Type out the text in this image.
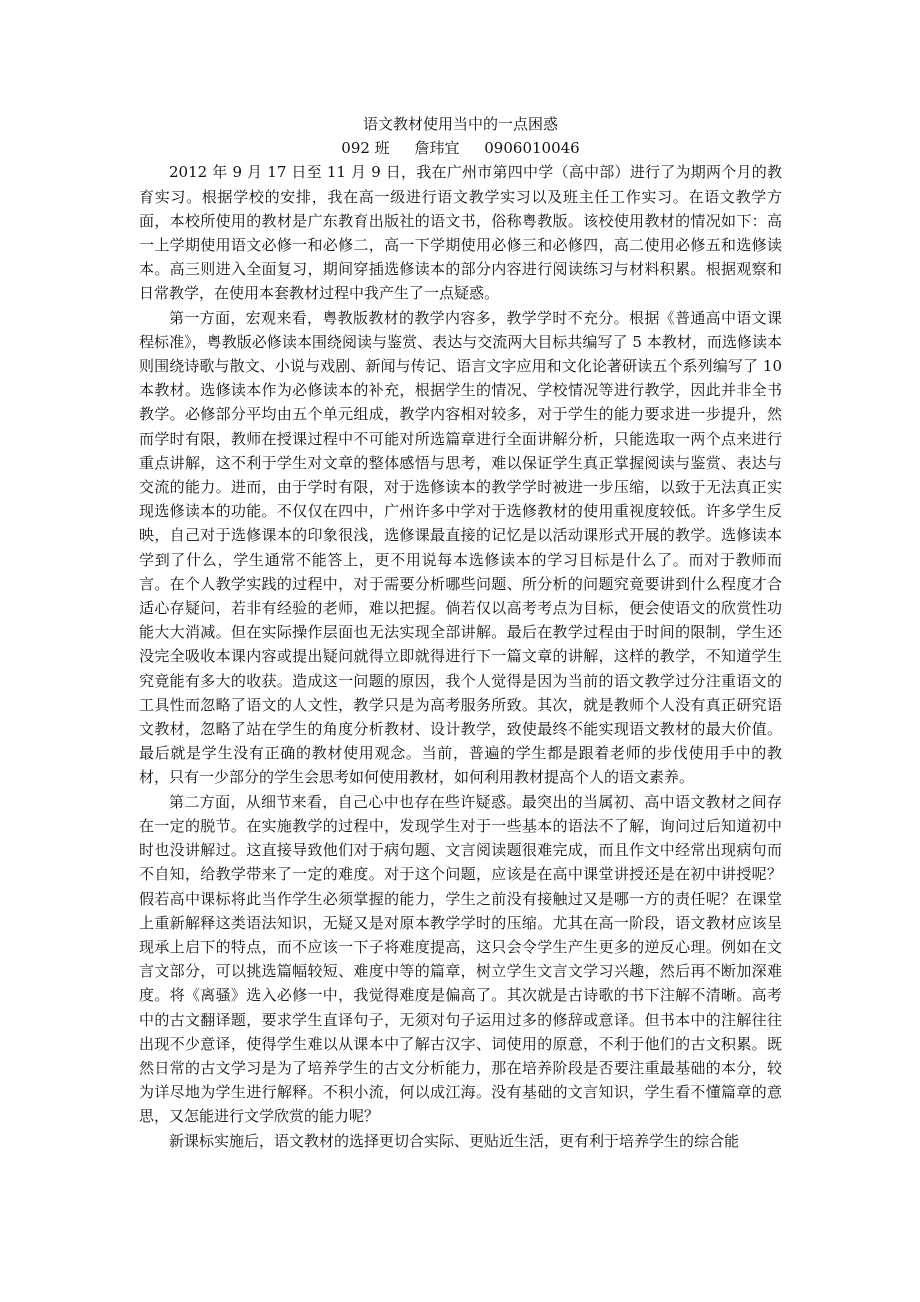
语文教材使用当中的一点困惑

092 班 詹玮宜 0906010046

2012 年 9 月 17 日至 11 月 9 日，我在广州市第四中学（高中部）进行了为期两个月的教育实习。根据学校的安排，我在高一级进行语文教学实习以及班主任工作实习。在语文教学方面，本校所使用的教材是广东教育出版社的语文书，俗称粤教版。该校使用教材的情况如下：高一上学期使用语文必修一和必修二，高一下学期使用必修三和必修四，高二使用必修五和选修读本。高三则进入全面复习，期间穿插选修读本的部分内容进行阅读练习与材料积累。根据观察和日常教学，在使用本套教材过程中我产生了一点疑惑。

第一方面，宏观来看，粤教版教材的教学内容多，教学学时不充分。根据《普通高中语文课程标准》，粤教版必修读本围绕阅读与鉴赏、表达与交流两大目标共编写了 5 本教材，而选修读本则围绕诗歌与散文、小说与戏剧、新闻与传记、语言文字应用和文化论著研读五个系列编写了 10 本教材。选修读本作为必修读本的补充，根据学生的情况、学校情况等进行教学，因此并非全书教学。必修部分平均由五个单元组成，教学内容相对较多，对于学生的能力要求进一步提升，然而学时有限，教师在授课过程中不可能对所选篇章进行全面讲解分析，只能选取一两个点来进行重点讲解，这不利于学生对文章的整体感悟与思考，难以保证学生真正掌握阅读与鉴赏、表达与交流的能力。进而，由于学时有限，对于选修读本的教学学时被进一步压缩，以致于无法真正实现选修读本的功能。不仅仅在四中，广州许多中学对于选修教材的使用重视度较低。许多学生反映，自己对于选修课本的印象很浅，选修课最直接的记忆是以活动课形式开展的教学。选修读本学到了什么，学生通常不能答上，更不用说每本选修读本的学习目标是什么了。而对于教师而言。在个人教学实践的过程中，对于需要分析哪些问题、所分析的问题究竟要讲到什么程度才合适心存疑问，若非有经验的老师，难以把握。倘若仅以高考考点为目标，便会使语文的欣赏性功能大大消减。但在实际操作层面也无法实现全部讲解。最后在教学过程由于时间的限制，学生还没完全吸收本课内容或提出疑问就得立即就得进行下一篇文章的讲解，这样的教学，不知道学生究竟能有多大的收获。造成这一问题的原因，我个人觉得是因为当前的语文教学过分注重语文的工具性而忽略了语文的人文性，教学只是为高考服务所致。其次，就是教师个人没有真正研究语文教材，忽略了站在学生的角度分析教材、设计教学，致使最终不能实现语文教材的最大价值。最后就是学生没有正确的教材使用观念。当前，普遍的学生都是跟着老师的步伐使用手中的教材，只有一少部分的学生会思考如何使用教材，如何利用教材提高个人的语文素养。

第二方面，从细节来看，自己心中也存在些许疑惑。最突出的当属初、高中语文教材之间存在一定的脱节。在实施教学的过程中，发现学生对于一些基本的语法不了解，询问过后知道初中时也没讲解过。这直接导致他们对于病句题、文言阅读题很难完成，而且作文中经常出现病句而不自知，给教学带来了一定的难度。对于这个问题，应该是在高中课堂讲授还是在初中讲授呢？假若高中课标将此当作学生必须掌握的能力，学生之前没有接触过又是哪一方的责任呢？在课堂上重新解释这类语法知识，无疑又是对原本教学学时的压缩。尤其在高一阶段，语文教材应该呈现承上启下的特点，而不应该一下子将难度提高，这只会令学生产生更多的逆反心理。例如在文言文部分，可以挑选篇幅较短、难度中等的篇章，树立学生文言文学习兴趣，然后再不断加深难度。将《离骚》选入必修一中，我觉得难度是偏高了。其次就是古诗歌的书下注解不清晰。高考中的古文翻译题，要求学生直译句子，无须对句子运用过多的修辞或意译。但书本中的注解往往出现不少意译，使得学生难以从课本中了解古汉字、词使用的原意，不利于他们的古文积累。既然日常的古文学习是为了培养学生的古文分析能力，那在培养阶段是否要注重最基础的本分，较为详尽地为学生进行解释。不积小流，何以成江海。没有基础的文言知识，学生看不懂篇章的意思，又怎能进行文学欣赏的能力呢？

新课标实施后，语文教材的选择更切合实际、更贴近生活，更有利于培养学生的综合能
